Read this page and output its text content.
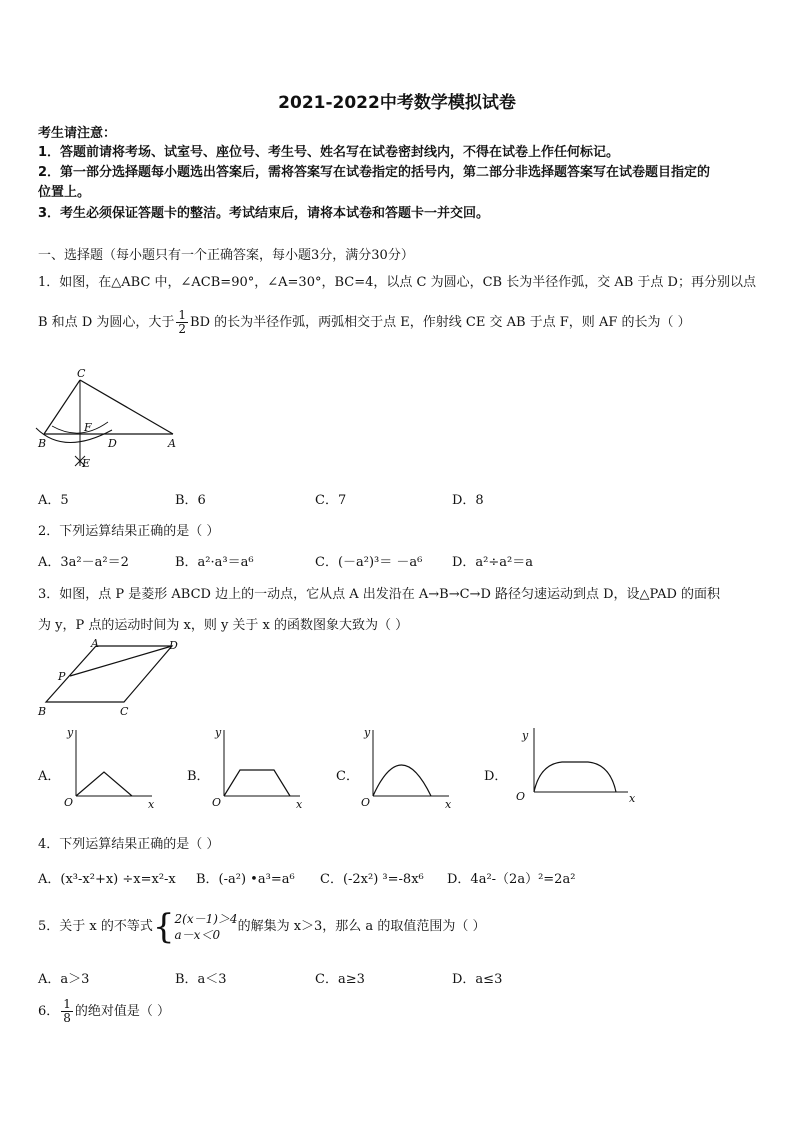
2021-2022中考数学模拟试卷
考生请注意：
1．答题前请将考场、试室号、座位号、考生号、姓名写在试卷密封线内，不得在试卷上作任何标记。
2．第一部分选择题每小题选出答案后，需将答案写在试卷指定的括号内，第二部分非选择题答案写在试卷题目指定的
位置上。
3．考生必须保证答题卡的整洁。考试结束后，请将本试卷和答题卡一并交回。
一、选择题（每小题只有一个正确答案，每小题3分，满分30分）
1．如图，在△ABC 中，∠ACB=90°，∠A=30°，BC=4，以点 C 为圆心，CB 长为半径作弧，交 AB 于点 D；再分别以点
B 和点 D 为圆心，大于 $\frac{1}{2}$ BD 的长为半径作弧，两弧相交于点 E，作射线 CE 交 AB 于点 F，则 AF 的长为（ ）
C
B
F
D	A
E
A．5	B．6	C．7	D．8
2．下列运算结果正确的是（ ）
A．3a²－a²＝2	B．a²·a³＝a⁶	C．(－a²)³＝ －a⁶ D．a²÷a²＝a
3．如图，点 P 是菱形 ABCD 边上的一动点，它从点 A 出发沿在 A→B→C→D 路径匀速运动到点 D，设△PAD 的面积
为 y，P 点的运动时间为 x，则 y 关于 x 的函数图象大致为（ ）
A	D
P
B	C
A．
y
O	x
B．
y
O	x
C．
y
O	x
D．
y
O	x
4．下列运算结果正确的是（ ）
A．(x³-x²+x) ÷x=x²-x B．(-a²) •a³=a⁶ C．(-2x²) ³=-8x⁶ D．4a²-（2a）²=2a²
5．关于 x 的不等式{ 2(x－1)＞4
a－x＜0
的解集为 x＞3，那么 a 的取值范围为（ ）
A．a＞3	B．a＜3	C．a≥3	D．a≤3
6． $\frac{1}{8}$ 的绝对值是（ ）
